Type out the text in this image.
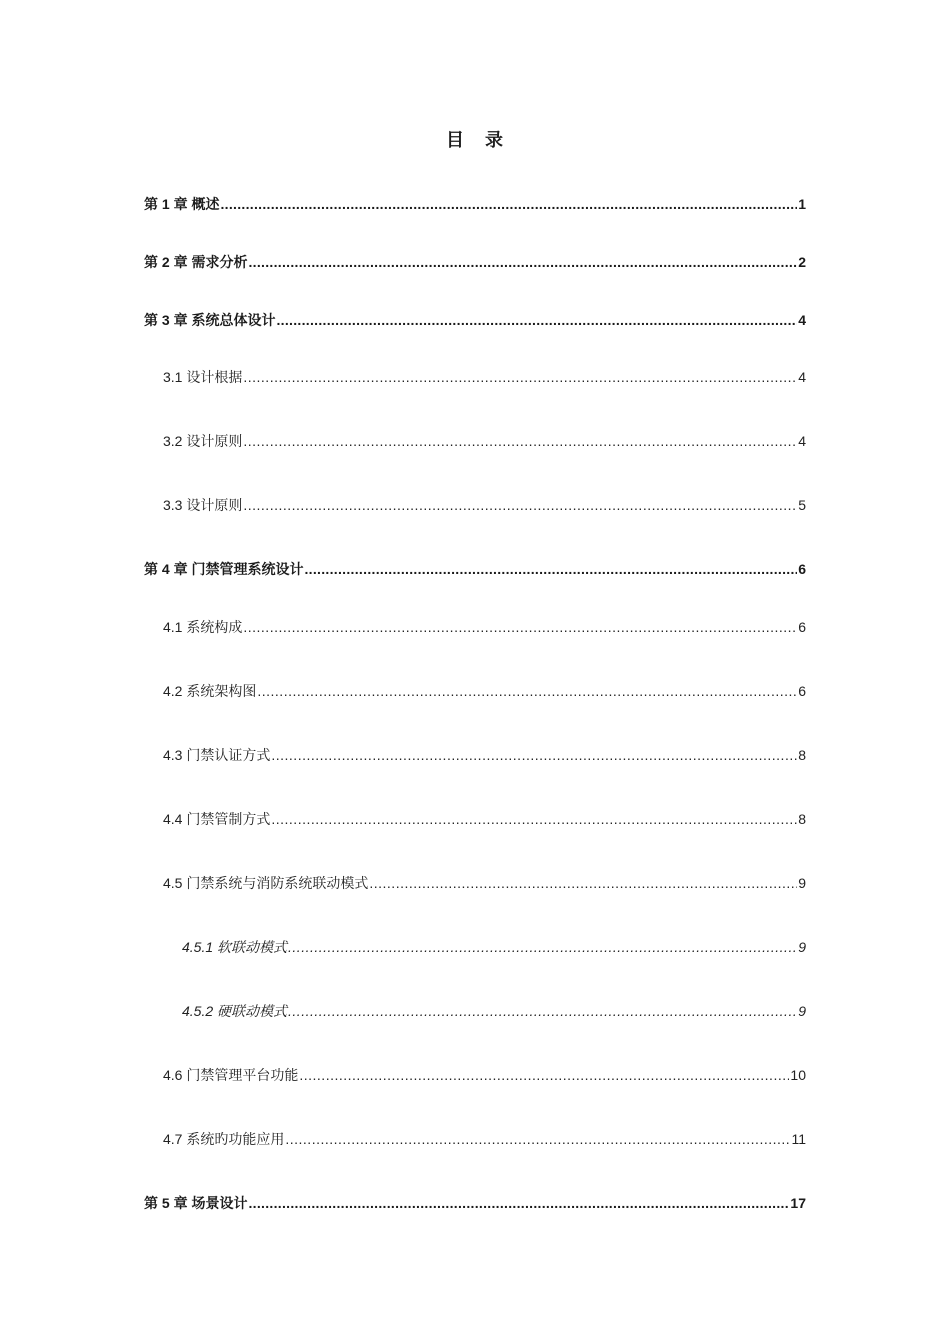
目 录
第 1 章 概述 .....	1
第 2 章 需求分析 .....	2
第 3 章 系统总体设计 .....	4
3.1 设计根据 .....	4
3.2 设计原则 .....	4
3.3 设计原则 .....	5
第 4 章 门禁管理系统设计 .....	6
4.1 系统构成 .....	6
4.2 系统架构图 .....	6
4.3 门禁认证方式 .....	8
4.4 门禁管制方式 .....	8
4.5 门禁系统与消防系统联动模式 .....	9
4.5.1 软联动模式 .....	9
4.5.2 硬联动模式 .....	9
4.6 门禁管理平台功能 .....	10
4.7 系统旳功能应用 .....	11
第 5 章 场景设计 .....	17
